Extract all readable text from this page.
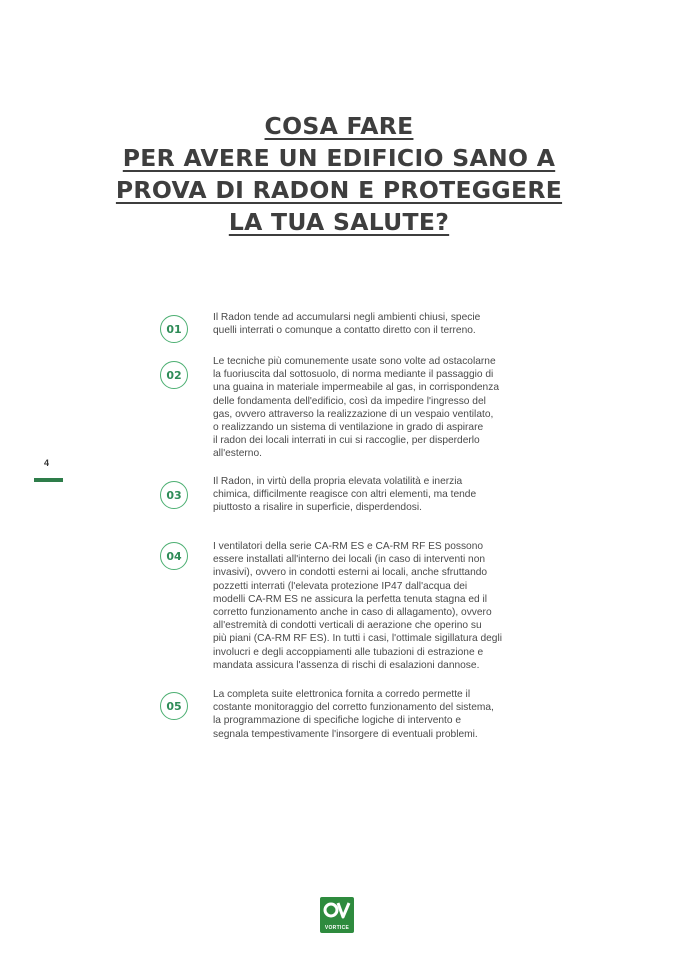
COSA FARE
PER AVERE UN EDIFICIO SANO A
PROVA DI RADON E PROTEGGERE
LA TUA SALUTE?
4
01

Il Radon tende ad accumularsi negli ambienti chiusi, specie
quelli interrati o comunque a contatto diretto con il terreno.

02

Le tecniche più comunemente usate sono volte ad ostacolarne
la fuoriuscita dal sottosuolo, di norma mediante il passaggio di
una guaina in materiale impermeabile al gas, in corrispondenza
delle fondamenta dell'edificio, così da impedire l'ingresso del
gas, ovvero attraverso la realizzazione di un vespaio ventilato,
o realizzando un sistema di ventilazione in grado di aspirare
il radon dei locali interrati in cui si raccoglie, per disperderlo
all'esterno.

03

Il Radon, in virtù della propria elevata volatilità e inerzia
chimica, difficilmente reagisce con altri elementi, ma tende
piuttosto a risalire in superficie, disperdendosi.

04

I ventilatori della serie CA-RM ES e CA-RM RF ES possono
essere installati all'interno dei locali (in caso di interventi non
invasivi), ovvero in condotti esterni ai locali, anche sfruttando
pozzetti interrati (l'elevata protezione IP47 dall'acqua dei
modelli CA-RM ES ne assicura la perfetta tenuta stagna ed il
corretto funzionamento anche in caso di allagamento), ovvero
all'estremità di condotti verticali di aerazione che operino su
più piani (CA-RM RF ES). In tutti i casi, l'ottimale sigillatura degli
involucri e degli accoppiamenti alle tubazioni di estrazione e
mandata assicura l'assenza di rischi di esalazioni dannose.

05

La completa suite elettronica fornita a corredo permette il
costante monitoraggio del corretto funzionamento del sistema,
la programmazione di specifiche logiche di intervento e
segnala tempestivamente l'insorgere di eventuali problemi.

VORTICE
